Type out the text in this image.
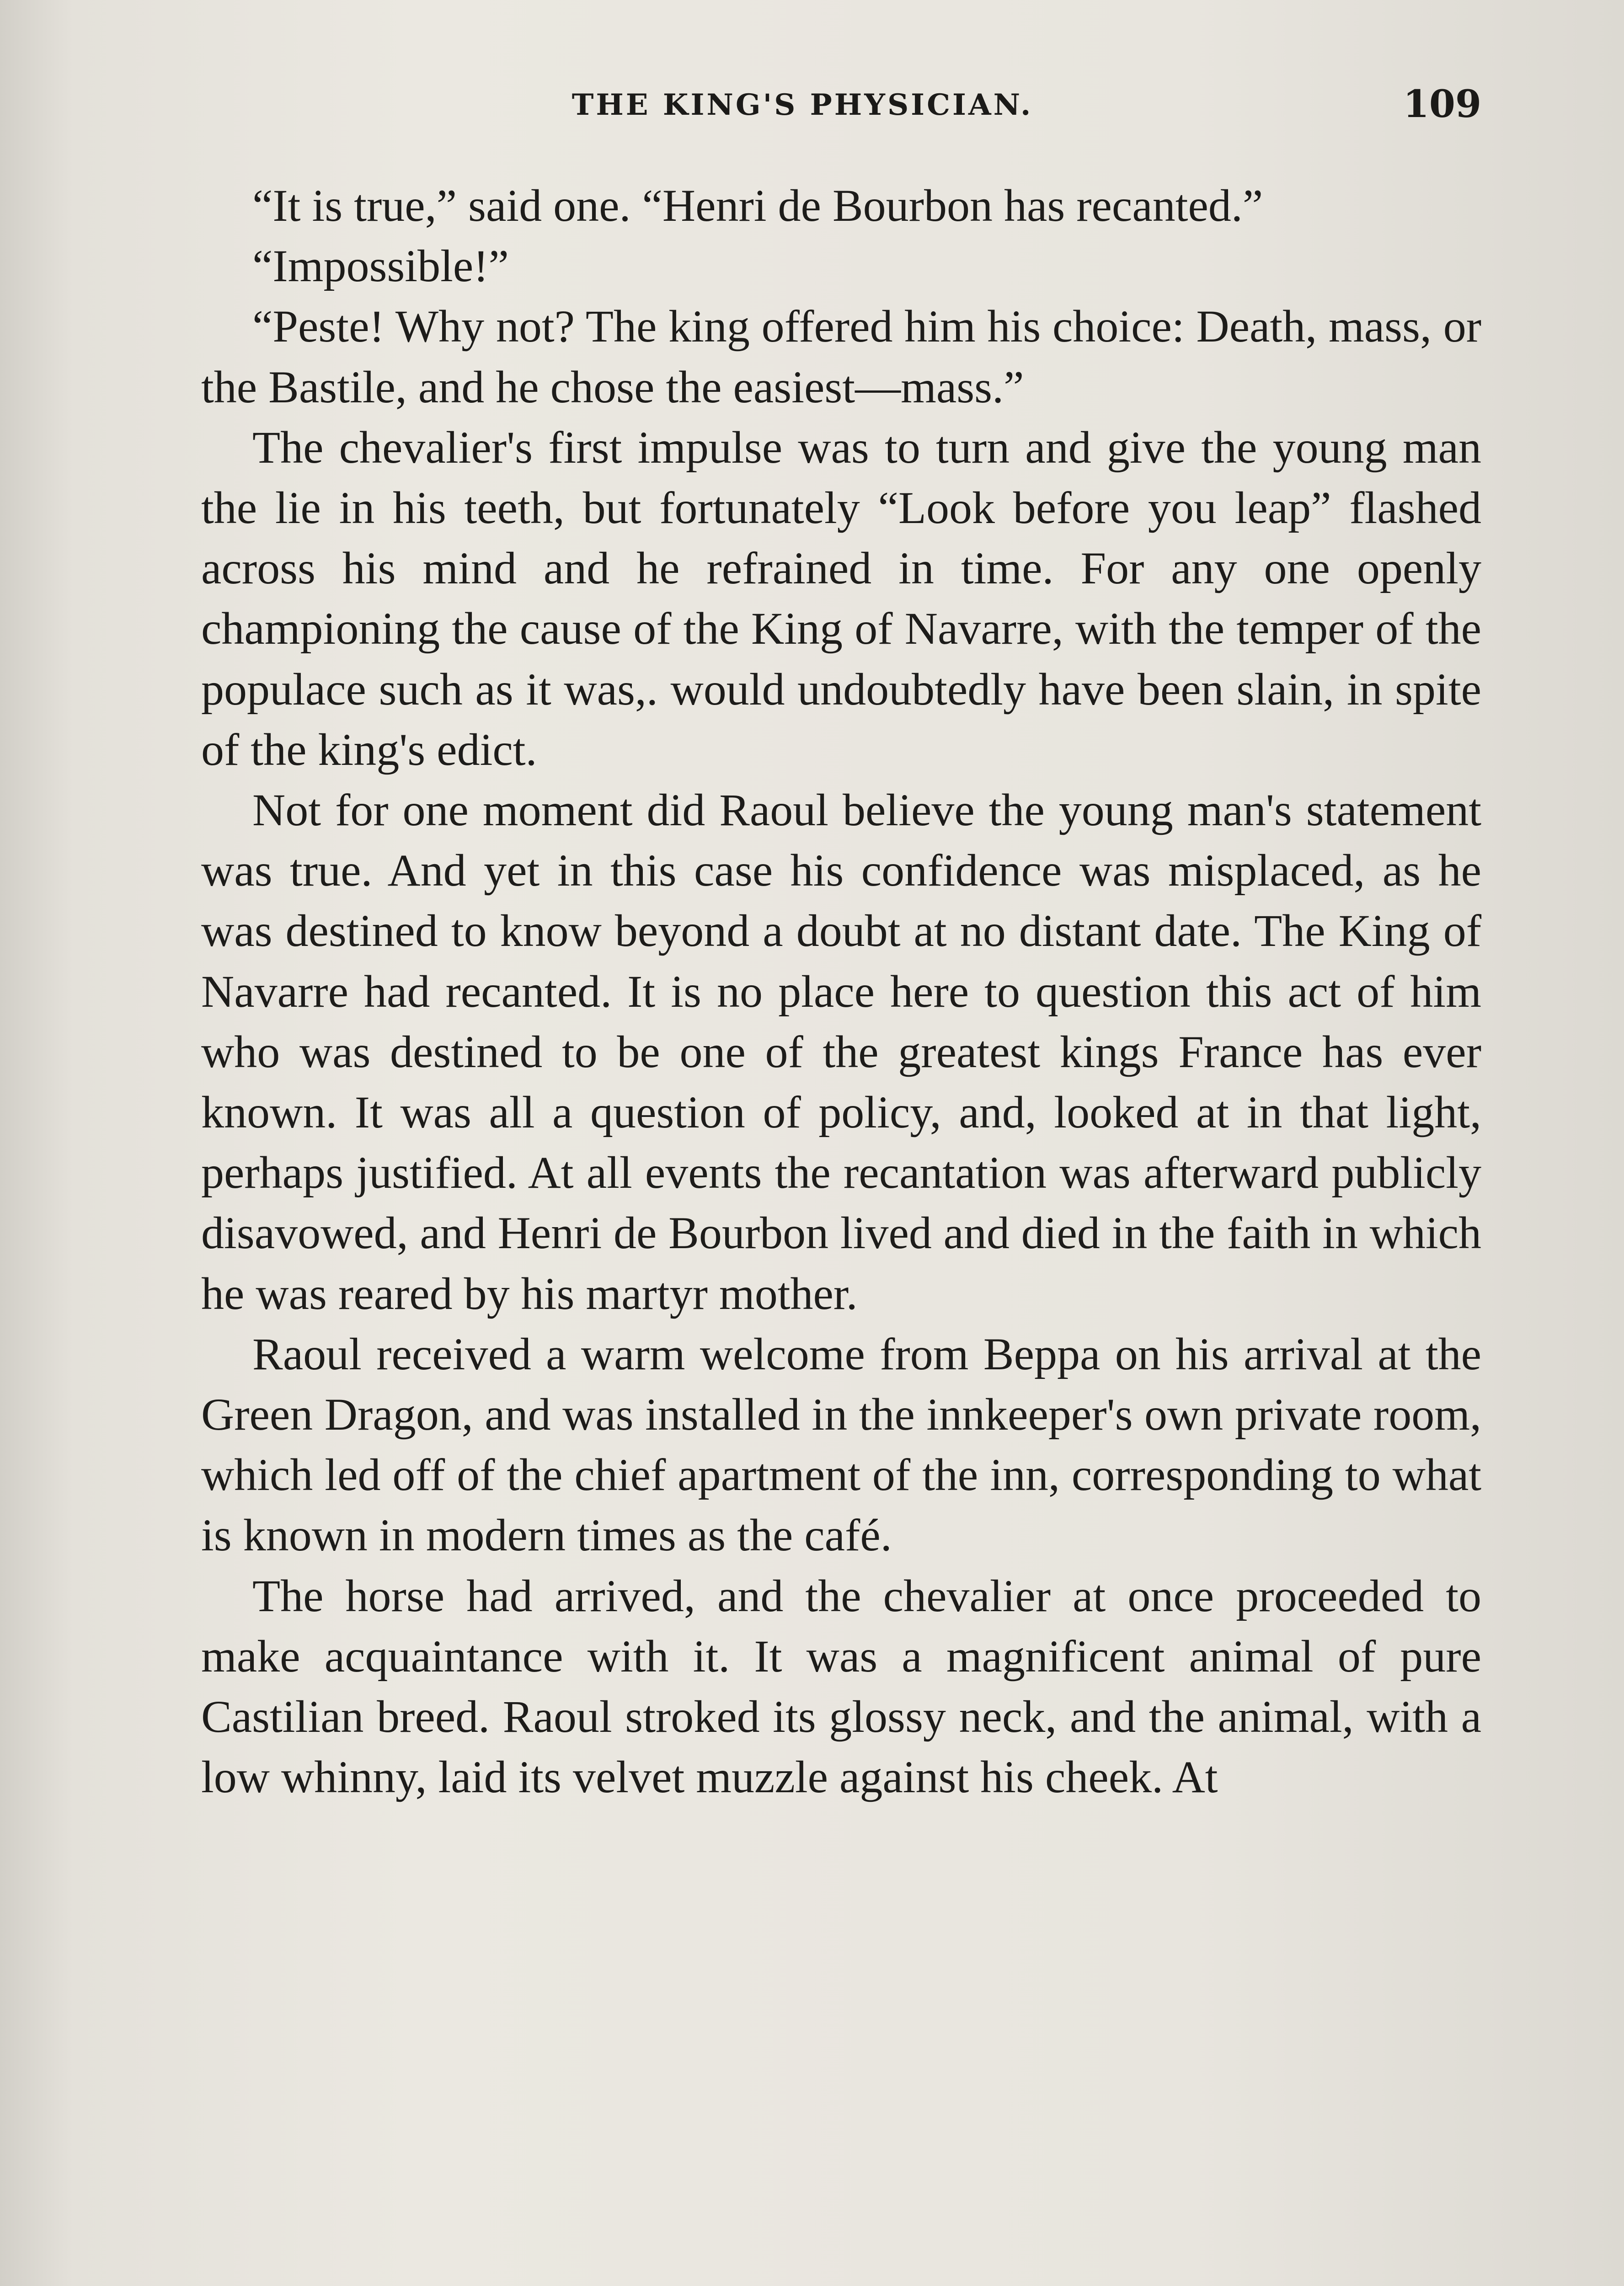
THE KING'S PHYSICIAN.	109

“It is true,” said one. “Henri de Bourbon has recanted.”

“Impossible!”

“Peste! Why not? The king offered him his choice: Death, mass, or the Bastile, and he chose the easiest—mass.”

The chevalier's first impulse was to turn and give the young man the lie in his teeth, but fortunately “Look before you leap” flashed across his mind and he refrained in time. For any one openly championing the cause of the King of Navarre, with the temper of the populace such as it was,. would undoubtedly have been slain, in spite of the king's edict.

Not for one moment did Raoul believe the young man's statement was true. And yet in this case his confidence was misplaced, as he was destined to know beyond a doubt at no distant date. The King of Navarre had recanted. It is no place here to question this act of him who was destined to be one of the greatest kings France has ever known. It was all a question of policy, and, looked at in that light, perhaps justified. At all events the recantation was afterward publicly disavowed, and Henri de Bourbon lived and died in the faith in which he was reared by his martyr mother.

Raoul received a warm welcome from Beppa on his arrival at the Green Dragon, and was installed in the innkeeper's own private room, which led off of the chief apartment of the inn, corresponding to what is known in modern times as the café.

The horse had arrived, and the chevalier at once proceeded to make acquaintance with it. It was a magnificent animal of pure Castilian breed. Raoul stroked its glossy neck, and the animal, with a low whinny, laid its velvet muzzle against his cheek. At
